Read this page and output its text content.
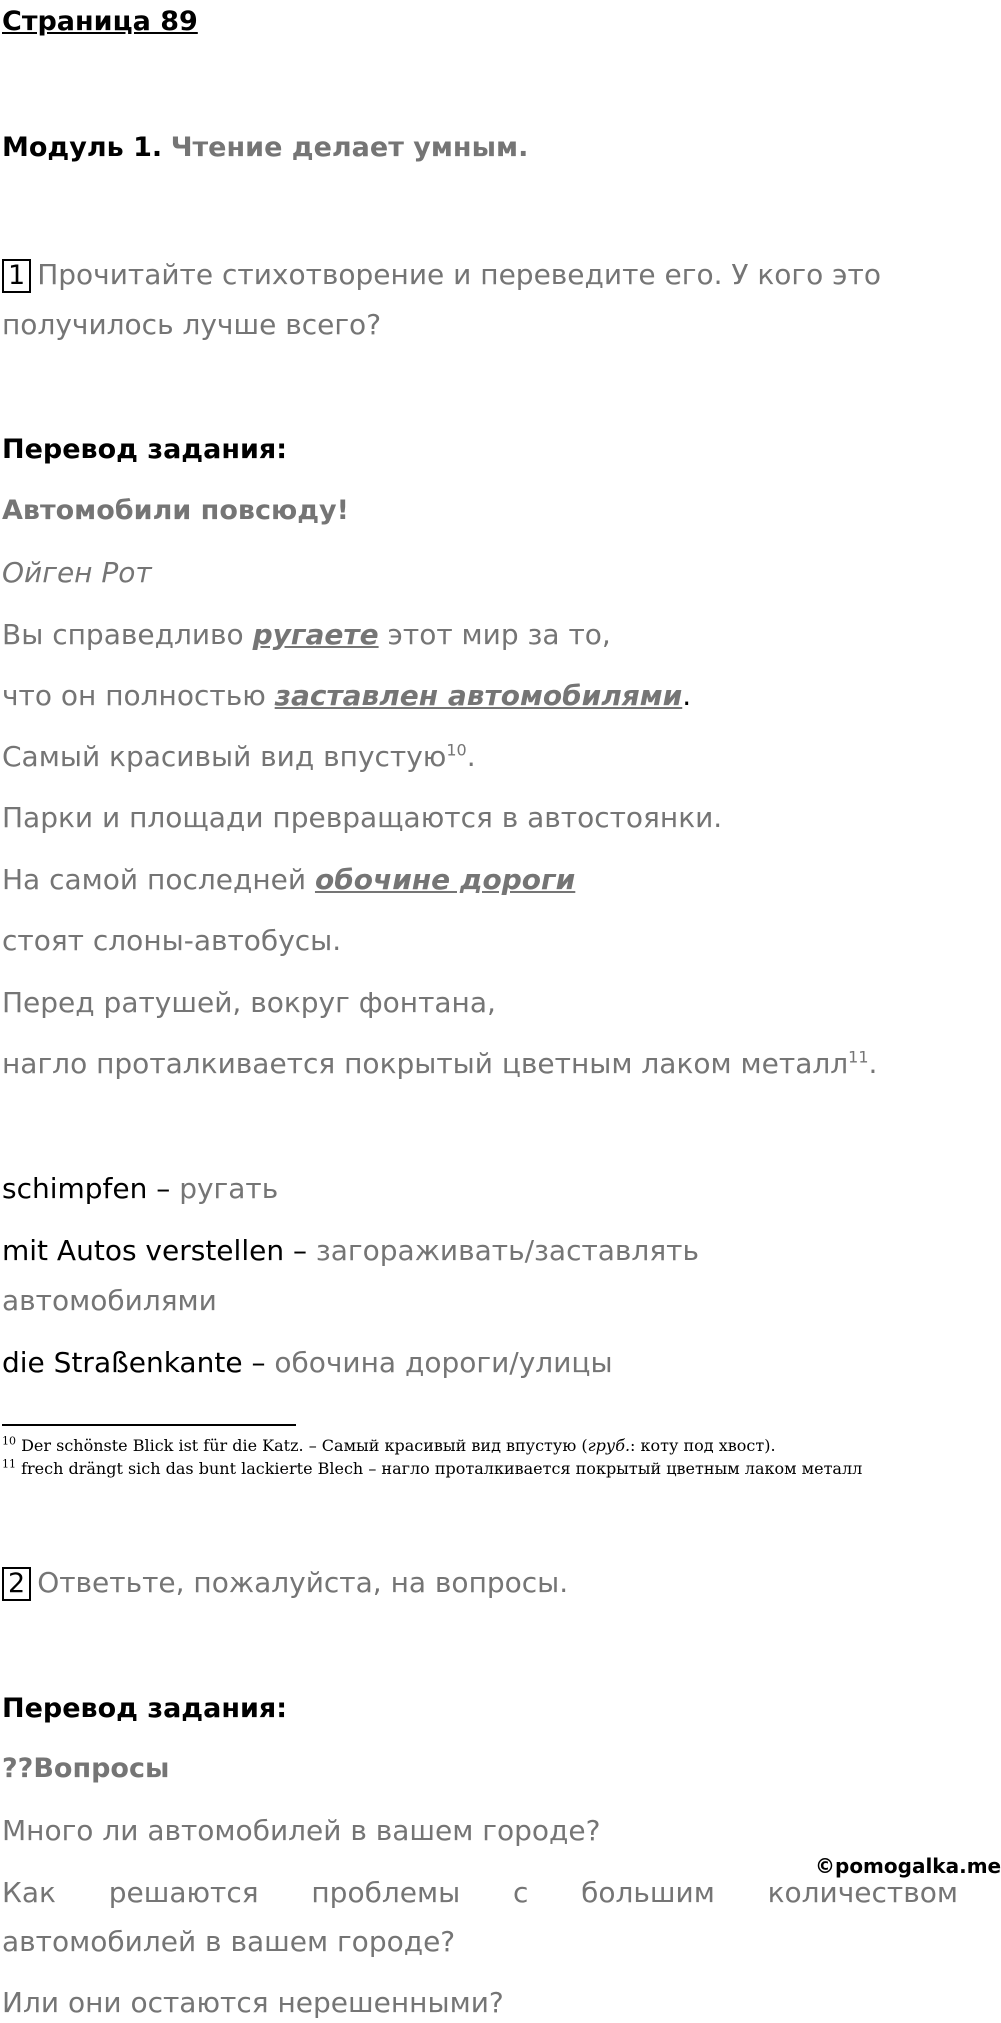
Страница 89
Модуль 1. Чтение делает умным.
1 Прочитайте стихотворение и переведите его. У кого это
получилось лучше всего?
Перевод задания:
Автомобили повсюду!
Ойген Рот
Вы справедливо ругаете этот мир за то,
что он полностью заставлен автомобилями.
Самый красивый вид впустую$^{10}$.
Парки и площади превращаются в автостоянки.
На самой последней обочине дороги
стоят слоны-автобусы.
Перед ратушей, вокруг фонтана,
нагло проталкивается покрытый цветным лаком металл$^{11}$.
schimpfen – ругать
mit Autos verstellen – загораживать/заставлять
автомобилями
die Straßenkante – обочина дороги/улицы
$^{10}$ Der schönste Blick ist für die Katz. – Самый красивый вид впустую (груб.: коту под хвост).
$^{11}$ frech drängt sich das bunt lackierte Blech – нагло проталкивается покрытый цветным лаком металл
2 Ответьте, пожалуйста, на вопросы.
Перевод задания:
??Вопросы
Много ли автомобилей в вашем городе?
Как решаются проблемы с большим количеством
автомобилей в вашем городе?
Или они остаются нерешенными?
©pomogalka.me
